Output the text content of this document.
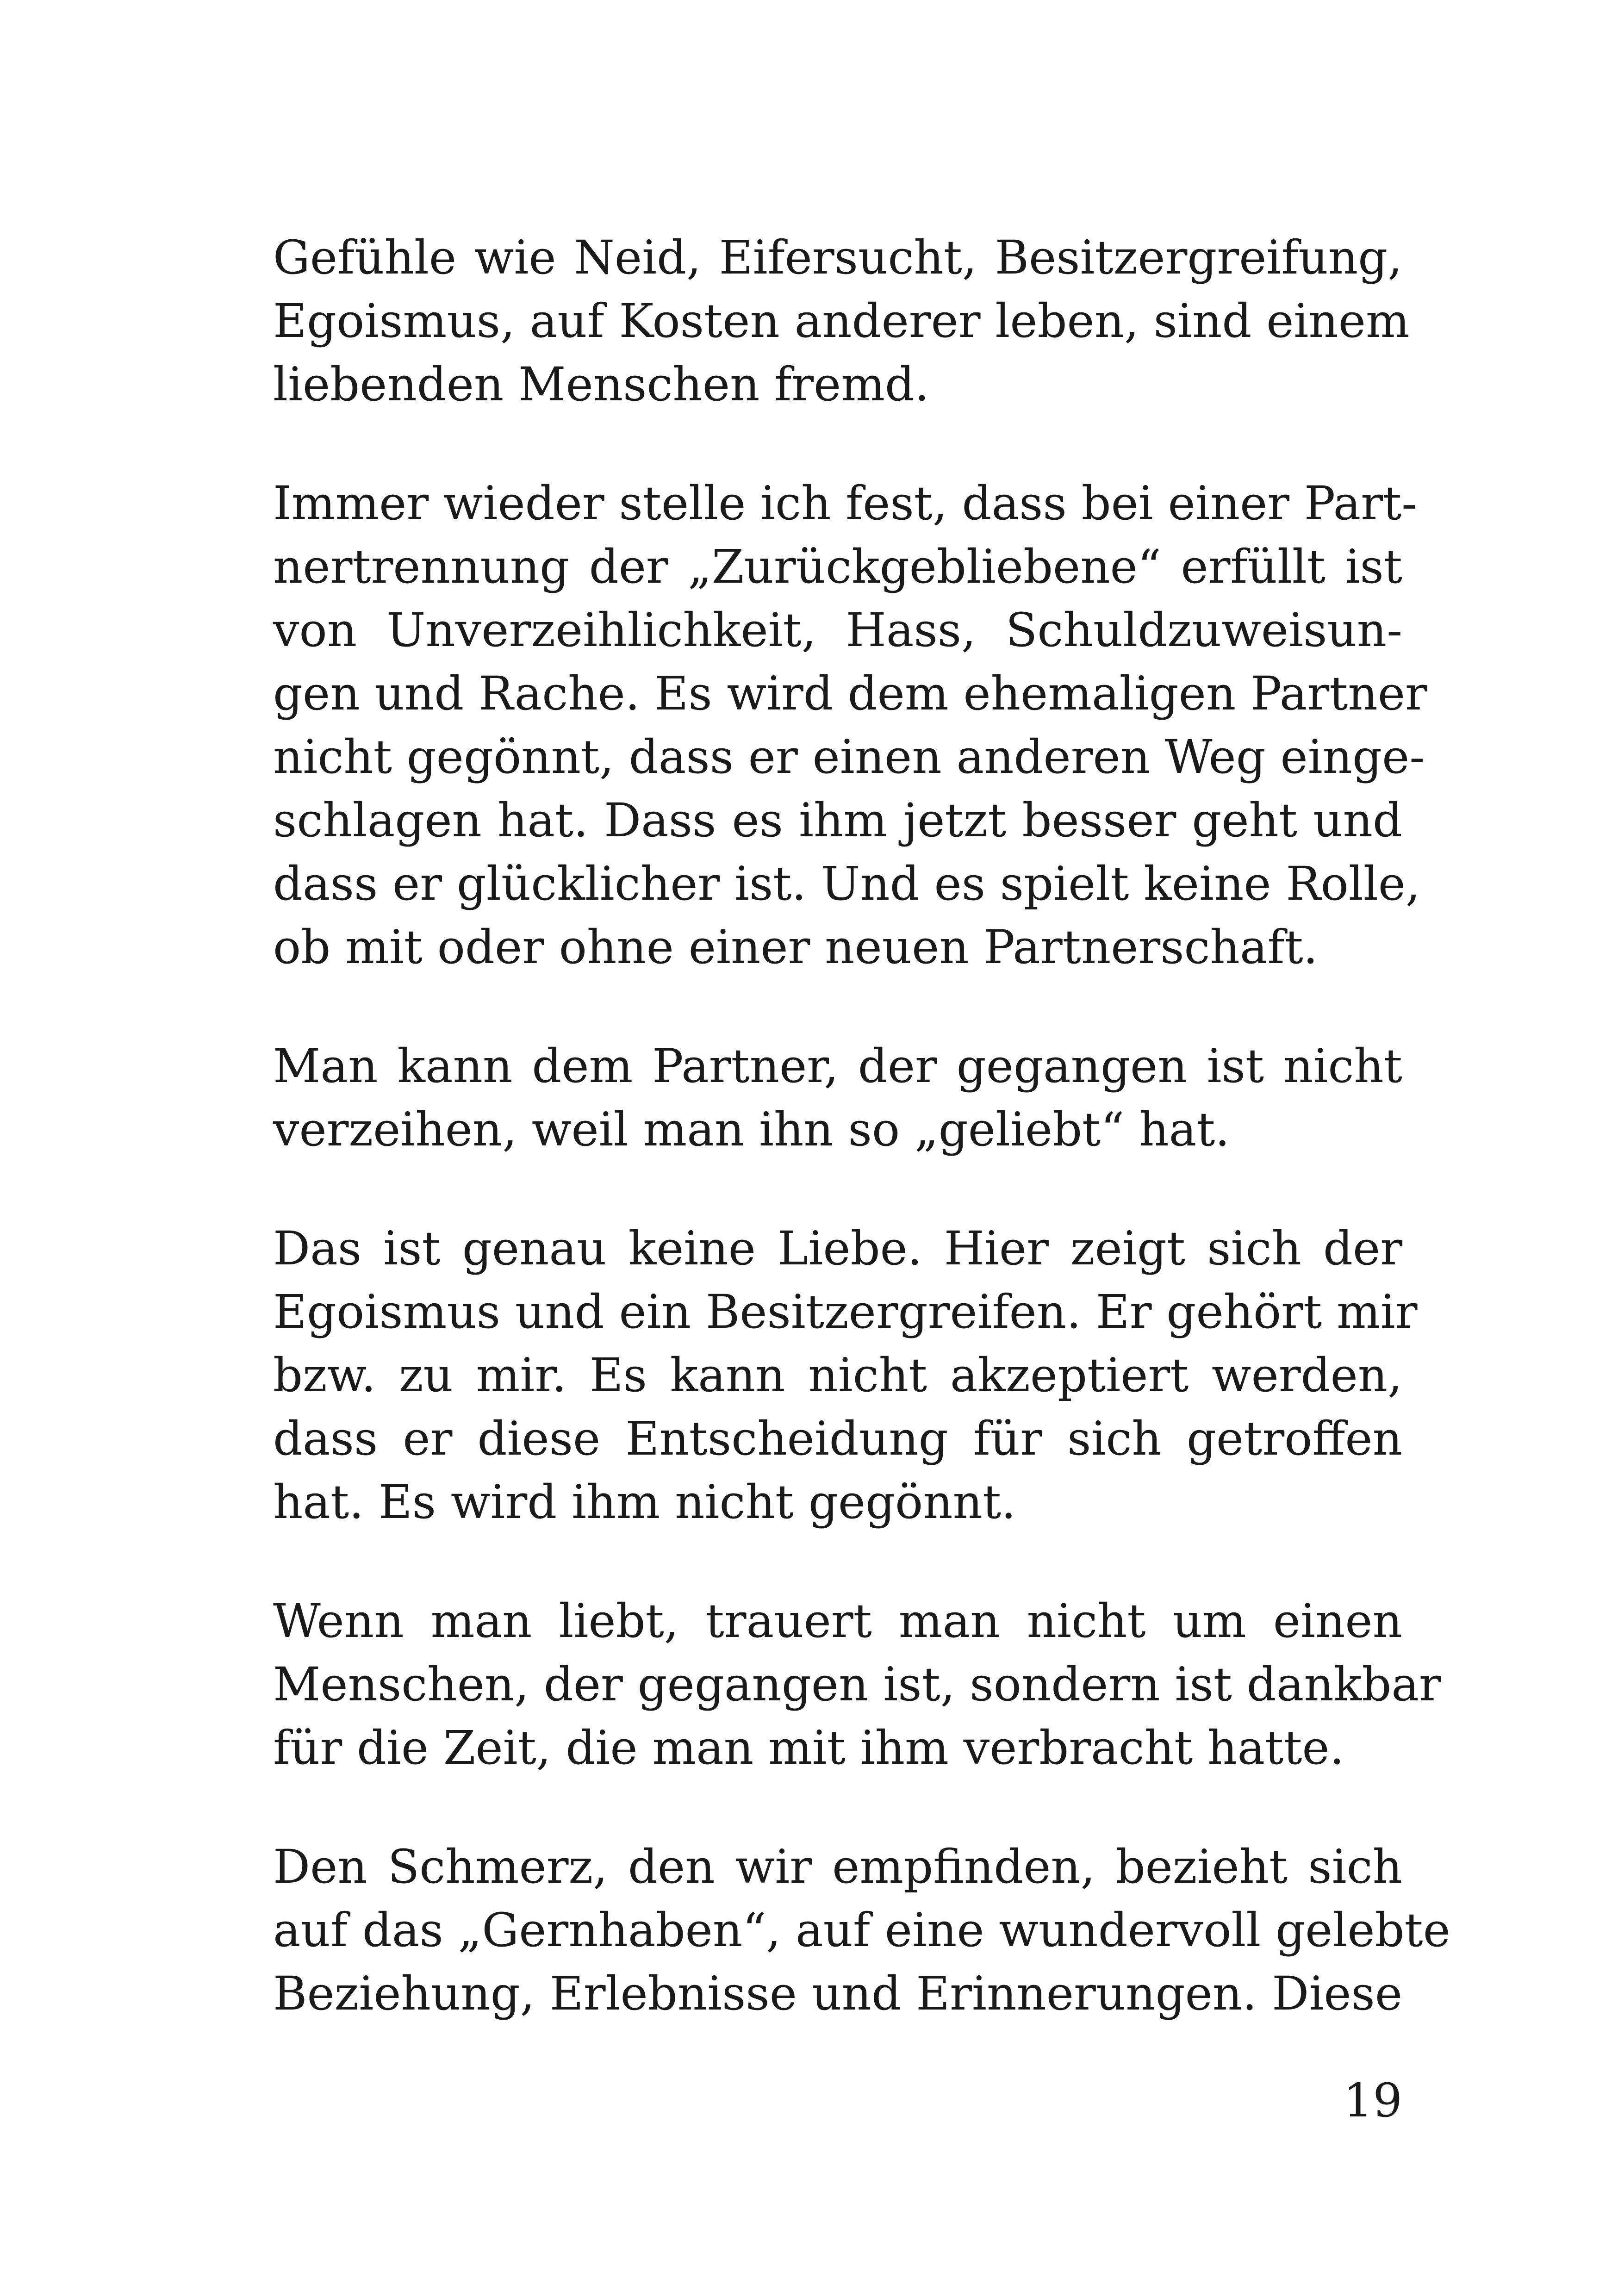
Gefühle wie Neid, Eifersucht, Besitzergreifung,
Egoismus, auf Kosten anderer leben, sind einem
liebenden Menschen fremd.

Immer wieder stelle ich fest, dass bei einer Part-
nertrennung der „Zurückgebliebene“ erfüllt ist
von Unverzeihlichkeit, Hass, Schuldzuweisun-
gen und Rache. Es wird dem ehemaligen Partner
nicht gegönnt, dass er einen anderen Weg einge-
schlagen hat. Dass es ihm jetzt besser geht und
dass er glücklicher ist. Und es spielt keine Rolle,
ob mit oder ohne einer neuen Partnerschaft.

Man kann dem Partner, der gegangen ist nicht
verzeihen, weil man ihn so „geliebt“ hat.

Das ist genau keine Liebe. Hier zeigt sich der
Egoismus und ein Besitzergreifen. Er gehört mir
bzw. zu mir. Es kann nicht akzeptiert werden,
dass er diese Entscheidung für sich getroffen
hat. Es wird ihm nicht gegönnt.

Wenn man liebt, trauert man nicht um einen
Menschen, der gegangen ist, sondern ist dankbar
für die Zeit, die man mit ihm verbracht hatte.

Den Schmerz, den wir empfinden, bezieht sich
auf das „Gernhaben“, auf eine wundervoll gelebte
Beziehung, Erlebnisse und Erinnerungen. Diese

19
